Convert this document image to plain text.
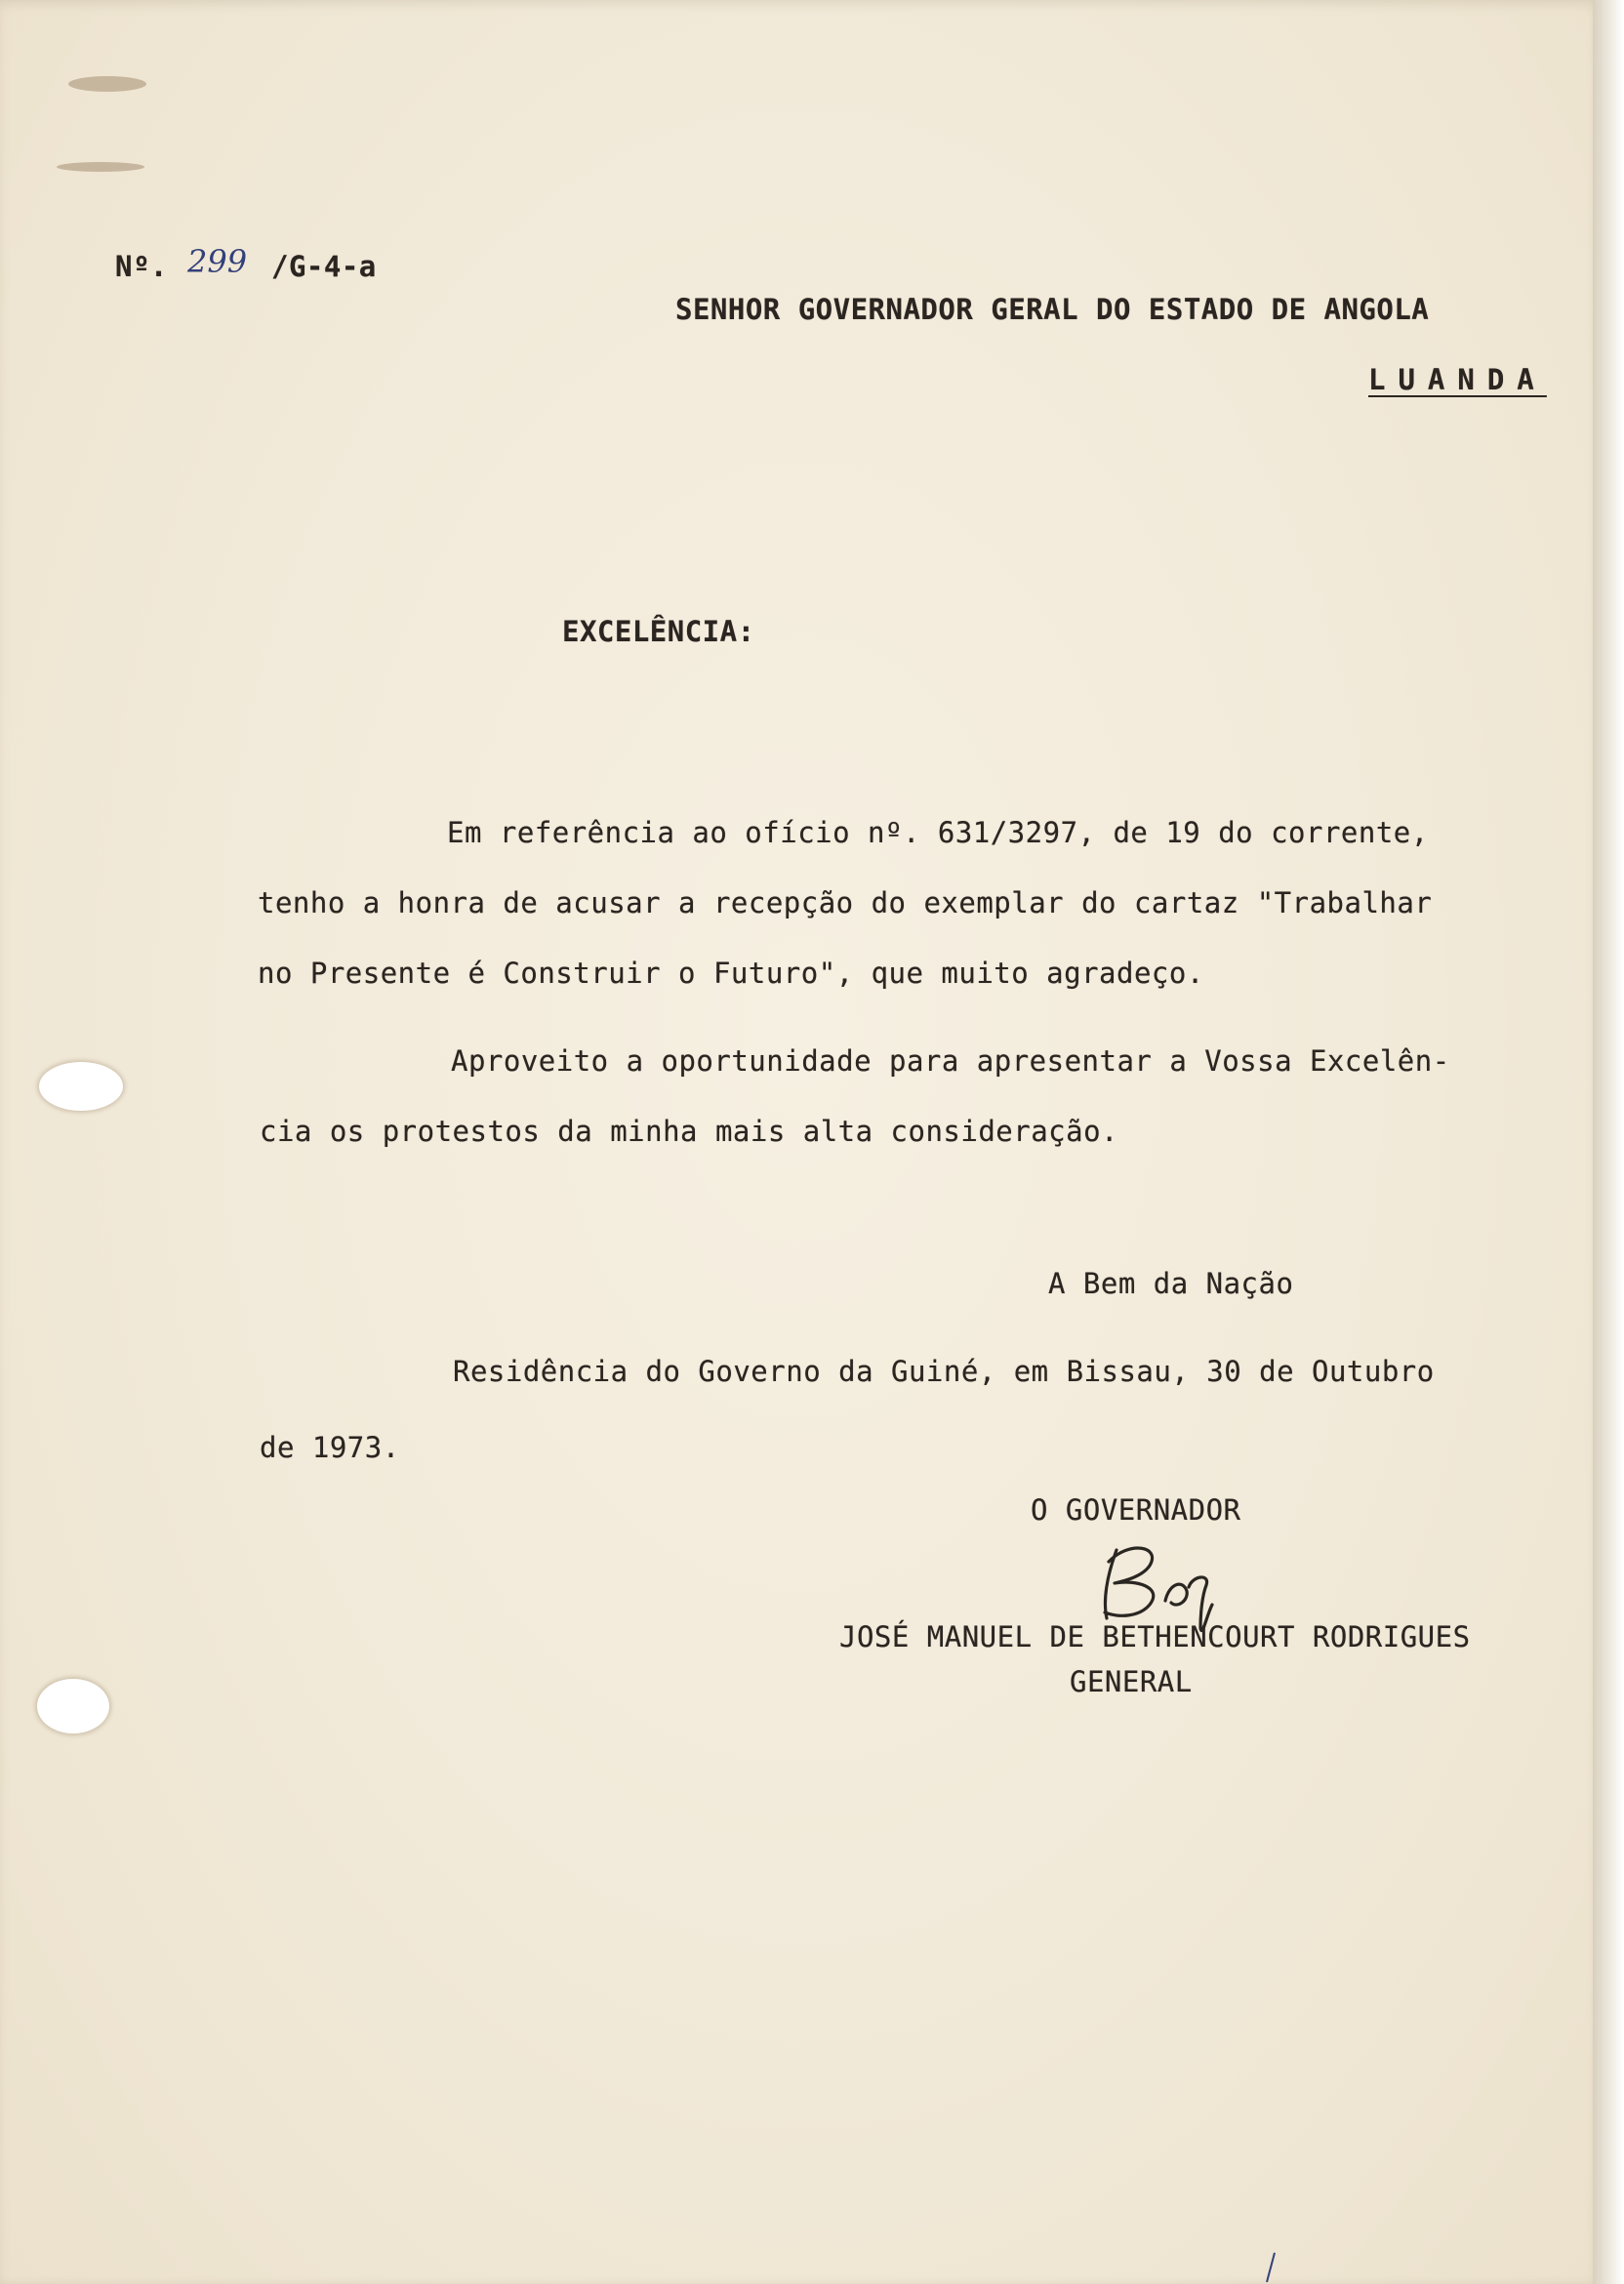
Nº. 299 /G-4-a
SENHOR GOVERNADOR GERAL DO ESTADO DE ANGOLA
LUANDA
EXCELÊNCIA:
Em referência ao ofício nº. 631/3297, de 19 do corrente,
tenho a honra de acusar a recepção do exemplar do cartaz "Trabalhar
no Presente é Construir o Futuro", que muito agradeço.
Aproveito a oportunidade para apresentar a Vossa Excelên-
cia os protestos da minha mais alta consideração.
A Bem da Nação
Residência do Governo da Guiné, em Bissau, 30 de Outubro
de 1973.
O GOVERNADOR
JOSÉ MANUEL DE BETHENCOURT RODRIGUES
GENERAL
